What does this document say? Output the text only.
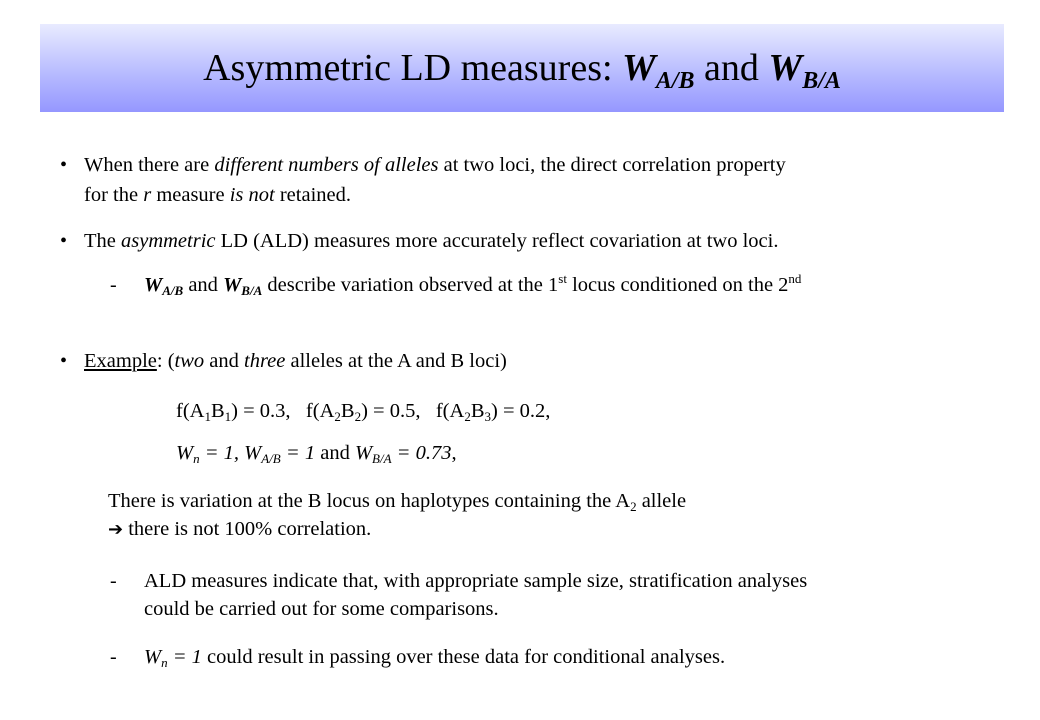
Asymmetric LD measures: $W_{A/B}$ and $W_{B/A}$
• When there are different numbers of alleles at two loci, the direct correlation property
for the r measure is not retained.
• The asymmetric LD (ALD) measures more accurately reflect covariation at two loci.
- $W_{A/B}$ and $W_{B/A}$ describe variation observed at the 1st locus conditioned on the 2nd
• Example: (two and three alleles at the A and B loci)
$f(A_1B_1) = 0.3$,   $f(A_2B_2) = 0.5$,   $f(A_2B_3) = 0.2$,
$W_n = 1$, $W_{A/B} = 1$ and $W_{B/A} = 0.73$,
There is variation at the B locus on haplotypes containing the $A_2$ allele
➔ there is not 100% correlation.
- ALD measures indicate that, with appropriate sample size, stratification analyses
could be carried out for some comparisons.
- $W_n = 1$ could result in passing over these data for conditional analyses.
